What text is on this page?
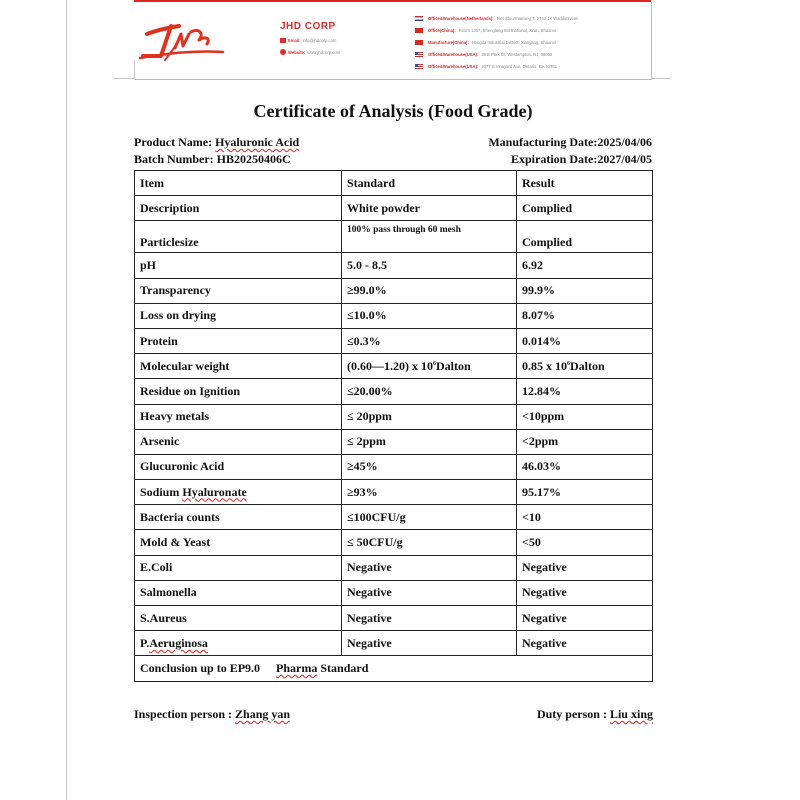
JHD CORP
Email: info@jhdcorp.com
Website: www.jhdcorp.com
Office&Warehouse(Netherlands): Piet Stuurmanweg 7, 2742 JX Waddinxveen
Office(China): Room 1307, Shenglang International, Xi'an, Shaanxi
Manufacture(China): Hongda Industrial District, Xianyang, Shaanxi
Office&Warehouse(USA): 39 E Park Dr, Westampton, NJ, 08060
Office&Warehouse(USA): 2077 S Vinayard Ave, Ontario, CA 91761
Certificate of Analysis (Food Grade)
Product Name: Hyaluronic Acid	Manufacturing Date:2025/04/06
Batch Number: HB20250406C	Expiration Date:2027/04/05
Item	Standard	Result
Description	White powder	Complied
Particlesize	100% pass through 60 mesh	Complied
pH	5.0 - 8.5	6.92
Transparency	≥99.0%	99.9%
Loss on drying	≤10.0%	8.07%
Protein	≤0.3%	0.014%
Molecular weight	(0.60—1.20) x $10^6Dalton$	0.85 x $10^6Dalton$
Residue on Ignition	≤20.00%	12.84%
Heavy metals	≤ 20ppm	<10ppm
Arsenic	≤ 2ppm	<2ppm
Glucuronic Acid	≥45%	46.03%
Sodium Hyaluronate	≥93%	95.17%
Bacteria counts	≤100CFU/g	<10
Mold & Yeast	≤ 50CFU/g	<50
E.Coli	Negative	Negative
Salmonella	Negative	Negative
S.Aureus	Negative	Negative
P.Aeruginosa	Negative	Negative
Conclusion up to EP9.0 Pharma Standard		
Inspection person : Zhang yan	Duty person : Liu xing
